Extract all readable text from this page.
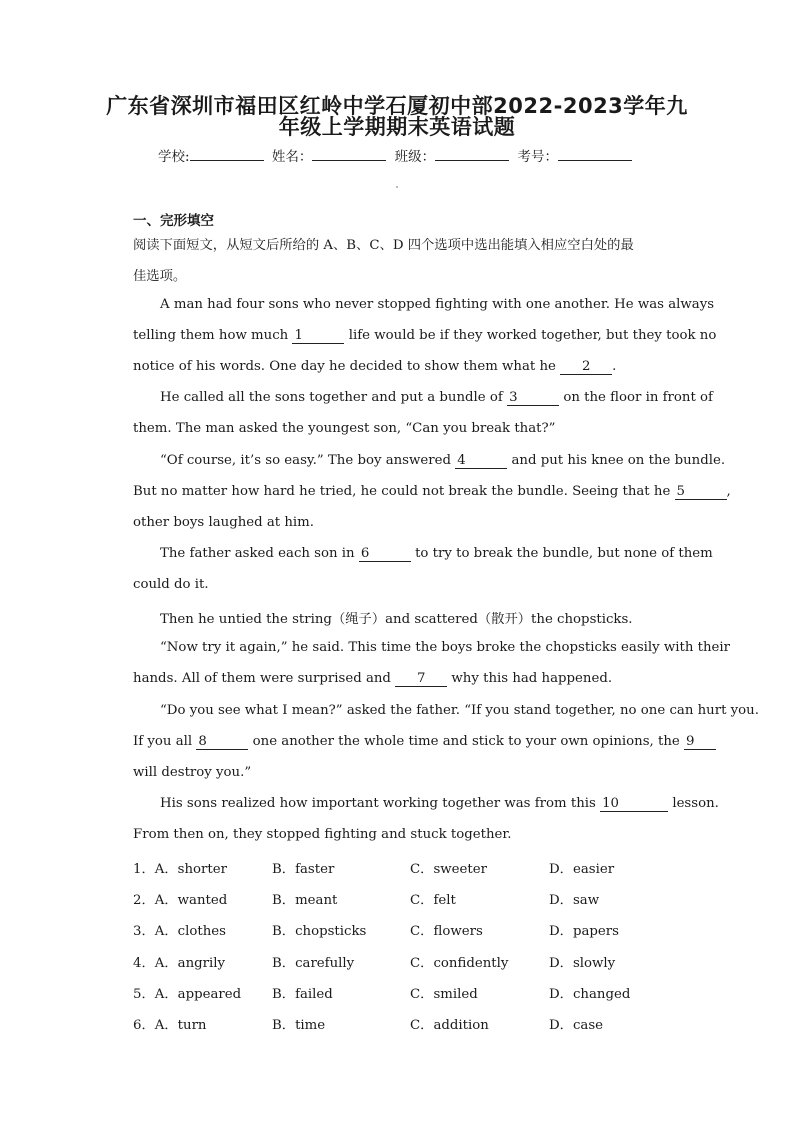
广东省深圳市福田区红岭中学石厦初中部2022-2023学年九
年级上学期期末英语试题
学校:	姓名：	班级：	考号：
一、完形填空
阅读下面短文，从短文后所给的 A、B、C、D 四个选项中选出能填入相应空白处的最
佳选项。
A man had four sons who never stopped fighting with one another. He was always
telling them how much 1	life would be if they worked together, but they took no
notice of his words. One day he decided to show them what he 2 .
He called all the sons together and put a bundle of 3	on the floor in front of
them. The man asked the youngest son, “Can you break that?”
“Of course, it’s so easy.” The boy answered 4	and put his knee on the bundle.
But no matter how hard he tried, he could not break the bundle. Seeing that he 5	,
other boys laughed at him.
The father asked each son in 6	to try to break the bundle, but none of them
could do it.
Then he untied the string（绳子）and scattered（散开）the chopsticks.
“Now try it again,” he said. This time the boys broke the chopsticks easily with their
hands. All of them were surprised and 7 why this had happened.
“Do you see what I mean?” asked the father. “If you stand together, no one can hurt you.
If you all 8	one another the whole time and stick to your own opinions, the 9
will destroy you.”
His sons realized how important working together was from this 10	lesson.
From then on, they stopped fighting and stuck together.
1．A．shorter	B．faster	C．sweeter	D．easier
2．A．wanted	B．meant	C．felt	D．saw
3．A．clothes	B．chopsticks	C．flowers	D．papers
4．A．angrily	B．carefully	C．confidently	D．slowly
5．A．appeared B．failed	C．smiled	D．changed
6．A．turn	B．time	C．addition	D．case
